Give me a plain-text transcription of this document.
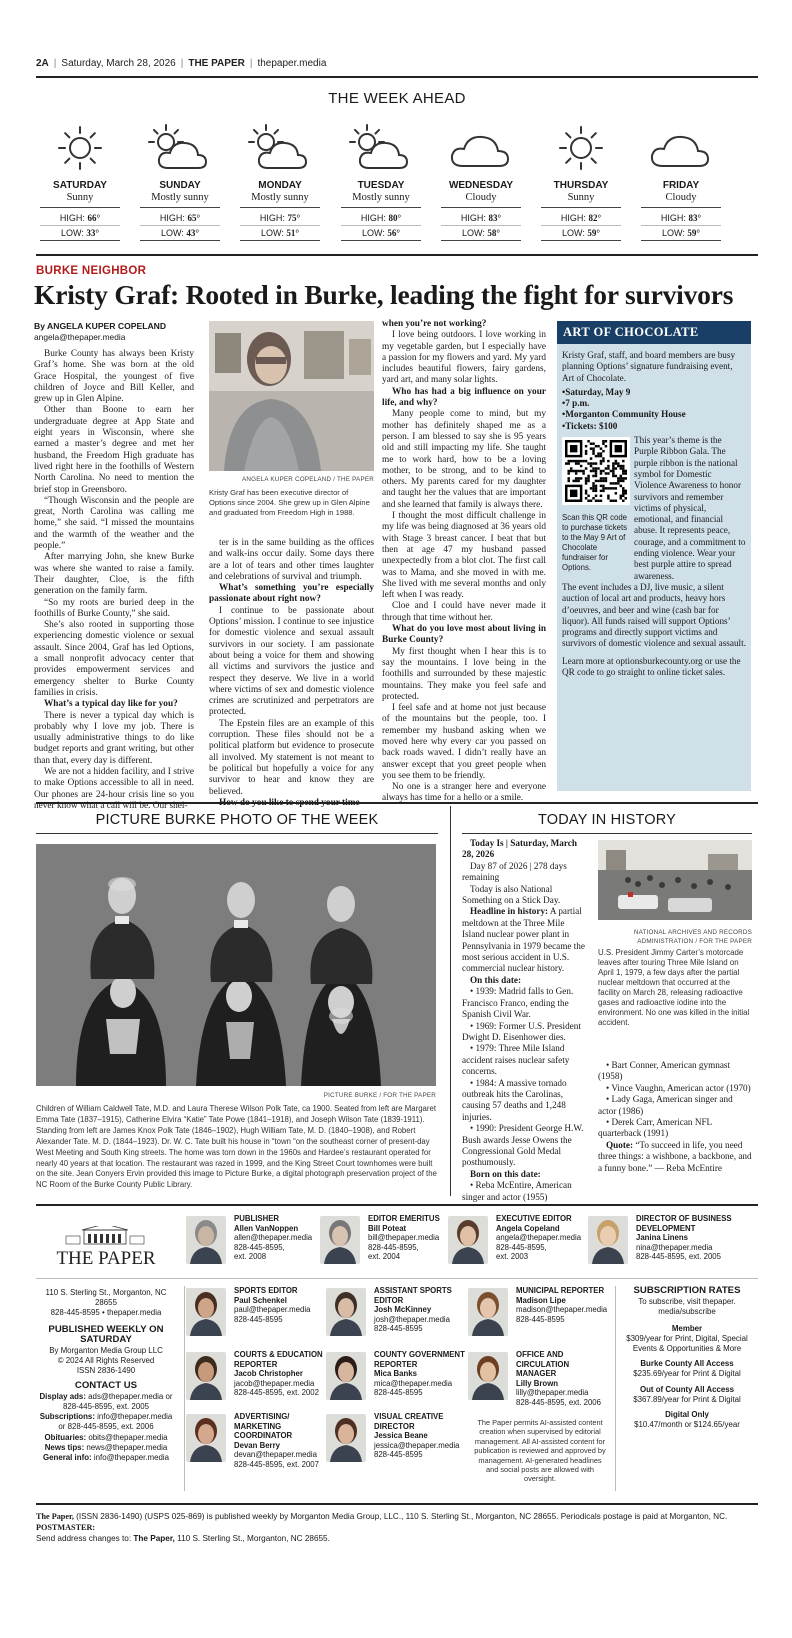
2A | Saturday, March 28, 2026 | THE PAPER | thepaper.media
THE WEEK AHEAD
SATURDAY
Sunny
HIGH: 66°
LOW: 33°
SUNDAY
Mostly sunny
HIGH: 65°
LOW: 43°
MONDAY
Mostly sunny
HIGH: 75°
LOW: 51°
TUESDAY
Mostly sunny
HIGH: 80°
LOW: 56°
WEDNESDAY
Cloudy
HIGH: 83°
LOW: 58°
THURSDAY
Sunny
HIGH: 82°
LOW: 59°
FRIDAY
Cloudy
HIGH: 83°
LOW: 59°
BURKE NEIGHBOR
Kristy Graf: Rooted in Burke, leading the fight for survivors
By ANGELA KUPER COPELAND
angela@thepaper.media

Burke County has always been Kristy Graf’s home. She was born at the old Grace Hospital, the youngest of five children of Joyce and Bill Keller, and grew up in Glen Alpine.

Other than Boone to earn her undergraduate degree at App State and eight years in Wisconsin, where she earned a master’s degree and met her husband, the Freedom High graduate has lived right here in the foothills of Western North Carolina. No need to mention the brief stop in Greensboro.

“Though Wisconsin and the people are great, North Carolina was calling me home,” she said. “I missed the mountains and the warmth of the weather and the people.”

After marrying John, she knew Burke was where she wanted to raise a family. Their daughter, Cloe, is the fifth generation on the family farm.

“So my roots are buried deep in the foothills of Burke County,” she said.

She’s also rooted in supporting those experiencing domestic violence or sexual assault. Since 2004, Graf has led Options, a small nonprofit advocacy center that provides empowerment services and emergency shelter to Burke County families in crisis.

What’s a typical day like for you?

There is never a typical day which is probably why I love my job. There is usually administrative things to do like budget reports and grant writing, but other than that, every day is different.

We are not a hidden facility, and I strive to make Options accessible to all in need. Our phones are 24-hour crisis line so you never know what a call will be. Our shel-

ANGELA KUPER COPELAND / THE PAPER
Kristy Graf has been executive director of Options since 2004. She grew up in Glen Alpine and graduated from Freedom High in 1988.

ter is in the same building as the offices and walk-ins occur daily. Some days there are a lot of tears and other times laughter and celebrations of survival and triumph.

What’s something you’re especially passionate about right now?

I continue to be passionate about Options’ mission. I continue to see injustice for domestic violence and sexual assault survivors in our society. I am passionate about being a voice for them and showing all victims and survivors the justice and respect they deserve. We live in a world where victims of sex and domestic violence crimes are scrutinized and perpetrators are protected.

The Epstein files are an example of this corruption. These files should not be a political platform but evidence to prosecute all involved. My statement is not meant to be political but hopefully a voice for any survivor to hear and know they are believed.

How do you like to spend your time

when you’re not working?

I love being outdoors. I love working in my vegetable garden, but I especially have a passion for my flowers and yard. My yard includes beautiful flowers, fairy gardens, yard art, and many solar lights.

Who has had a big influence on your life, and why?

Many people come to mind, but my mother has definitely shaped me as a person. I am blessed to say she is 95 years old and still impacting my life. She taught me to work hard, how to be a loving mother, to be strong, and to be kind to others. My parents cared for my daughter and taught her the values that are important and she learned that family is always there.

I thought the most difficult challenge in my life was being diagnosed at 36 years old with Stage 3 breast cancer. I beat that but then at age 47 my husband passed unexpectedly from a blot clot. The first call was to Mama, and she moved in with me. She lived with me several months and only left when I was ready.

Cloe and I could have never made it through that time without her.

What do you love most about living in Burke County?

My first thought when I hear this is to say the mountains. I love being in the foothills and surrounded by these majestic mountains. They make you feel safe and protected.

I feel safe and at home not just because of the mountains but the people, too. I remember my husband asking when we moved here why every car you passed on back roads waved. I didn’t really have an answer except that you greet people when you see them to be friendly.

No one is a stranger here and everyone always has time for a hello or a smile.

ART OF CHOCOLATE
Kristy Graf, staff, and board members are busy planning Options’ signature fundraising event, Art of Chocolate.
• Saturday, May 9
• 7 p.m.
• Morganton Community House
• Tickets: $100
Scan this QR code to purchase tickets to the May 9 Art of Chocolate fundraiser for Options.
This year’s theme is the Purple Ribbon Gala. The purple ribbon is the national symbol for Domestic Violence Awareness to honor survivors and remember victims of physical, emotional, and financial abuse. It represents peace, courage, and a commitment to ending violence. Wear your best purple attire to spread awareness.
The event includes a DJ, live music, a silent auction of local art and products, heavy hors d’oeuvres, and beer and wine (cash bar for liquor). All funds raised will support Options’ programs and directly support victims and survivors of domestic violence and sexual assault.
Learn more at optionsburkecounty.org or use the QR code to go straight to online ticket sales.
PICTURE BURKE PHOTO OF THE WEEK
PICTURE BURKE / FOR THE PAPER
Children of William Caldwell Tate, M.D. and Laura Therese Wilson Polk Tate, ca 1900. Seated from left are Margaret Emma Tate (1837–1915), Catherine Elvira “Katie” Tate Powe (1841–1918), and Joseph Wilson Tate (1839-1911). Standing from left are James Knox Polk Tate (1846–1902), Hugh William Tate, M. D. (1840–1908), and Robert Alexander Tate. M. D. (1844–1923). Dr. W. C. Tate built his house in “town “on the southeast corner of present-day West Meeting and South King streets. The home was torn down in the 1960s and Hardee’s restaurant operated for nearly 40 years at that location. The restaurant was razed in 1999, and the King Street Court townhomes were built on the site. Jean Conyers Ervin provided this image to Picture Burke, a digital photograph preservation project of the NC Room of the Burke County Public Library.
TODAY IN HISTORY

Today Is | Saturday, March 28, 2026

Day 87 of 2026 | 278 days remaining

Today is also National Something on a Stick Day.

Headline in history: A partial meltdown at the Three Mile Island nuclear power plant in Pennsylvania in 1979 became the most serious accident in U.S. commercial nuclear history.

On this date:

• 1939: Madrid falls to Gen. Francisco Franco, ending the Spanish Civil War.

• 1969: Former U.S. President Dwight D. Eisenhower dies.

• 1979: Three Mile Island accident raises nuclear safety concerns.

• 1984: A massive tornado outbreak hits the Carolinas, causing 57 deaths and 1,248 injuries.

• 1990: President George H.W. Bush awards Jesse Owens the Congressional Gold Medal posthumously.

Born on this date:

• Reba McEntire, American singer and actor (1955)

NATIONAL ARCHIVES AND RECORDS ADMINISTRATION / FOR THE PAPER
U.S. President Jimmy Carter’s motorcade leaves after touring Three Mile Island on April 1, 1979, a few days after the partial nuclear meltdown that occurred at the facility on March 28, releasing radioactive gases and radioactive iodine into the environment. No one was killed in the initial accident.

• Bart Conner, American gymnast (1958)

• Vince Vaughn, American actor (1970)

• Lady Gaga, American singer and actor (1986)

• Derek Carr, American NFL quarterback (1991)

Quote: “To succeed in life, you need three things: a wishbone, a backbone, and a funny bone.” — Reba McEntire

THE PAPER
PUBLISHER
Allen VanNoppen
allen@thepaper.media
828-445-8595,
ext. 2008
EDITOR EMERITUS
Bill Poteat
bill@thepaper.media
828-445-8595,
ext. 2004
EXECUTIVE EDITOR
Angela Copeland
angela@thepaper.media
828-445-8595,
ext. 2003
DIRECTOR OF BUSINESS DEVELOPMENT
Janina Linens
nina@thepaper.media
828-445-8595, ext. 2005
SPORTS EDITOR
Paul Schenkel
paul@thepaper.media
828-445-8595
ASSISTANT SPORTS EDITOR
Josh McKinney
josh@thepaper.media
828-445-8595
MUNICIPAL REPORTER
Madison Lipe
madison@thepaper.media
828-445-8595
COURTS & EDUCATION REPORTER
Jacob Christopher
jacob@thepaper.media
828-445-8595, ext. 2002
COUNTY GOVERNMENT REPORTER
Mica Banks
mica@thepaper.media
828-445-8595
OFFICE AND CIRCULATION MANAGER
Lilly Brown
lilly@thepaper.media
828-445-8595, ext. 2006
ADVERTISING/ MARKETING COORDINATOR
Devan Berry
devan@thepaper.media
828-445-8595, ext. 2007
VISUAL CREATIVE DIRECTOR
Jessica Beane
jessica@thepaper.media
828-445-8595
110 S. Sterling St., Morganton, NC 28655
828-445-8595 • thepaper.media
PUBLISHED WEEKLY ON SATURDAY
By Morganton Media Group LLC
© 2024 All Rights Reserved
ISSN 2836-1490
CONTACT US
Display ads: ads@thepaper.media or 828-445-8595, ext. 2005
Subscriptions: info@thepaper.media or 828-445-8595, ext. 2006
Obituaries: obits@thepaper.media
News tips: news@thepaper.media
General info: info@thepaper.media
The Paper permits AI-assisted content creation when supervised by editorial management. All AI-assisted content for publication is reviewed and approved by management. AI-generated headlines and social posts are allowed with oversight.
SUBSCRIPTION RATES
To subscribe, visit thepaper. media/subscribe
Member
$309/year for Print, Digital, Special Events & Opportunities & More
Burke County All Access
$235.69/year for Print & Digital
Out of County All Access
$367.89/year for Print & Digital
Digital Only
$10.47/month or $124.65/year
The Paper, (ISSN 2836-1490) (USPS 025-869) is published weekly by Morganton Media Group, LLC., 110 S. Sterling St., Morganton, NC 28655. Periodicals postage is paid at Morganton, NC. POSTMASTER:
Send address changes to: The Paper, 110 S. Sterling St., Morganton, NC 28655.
